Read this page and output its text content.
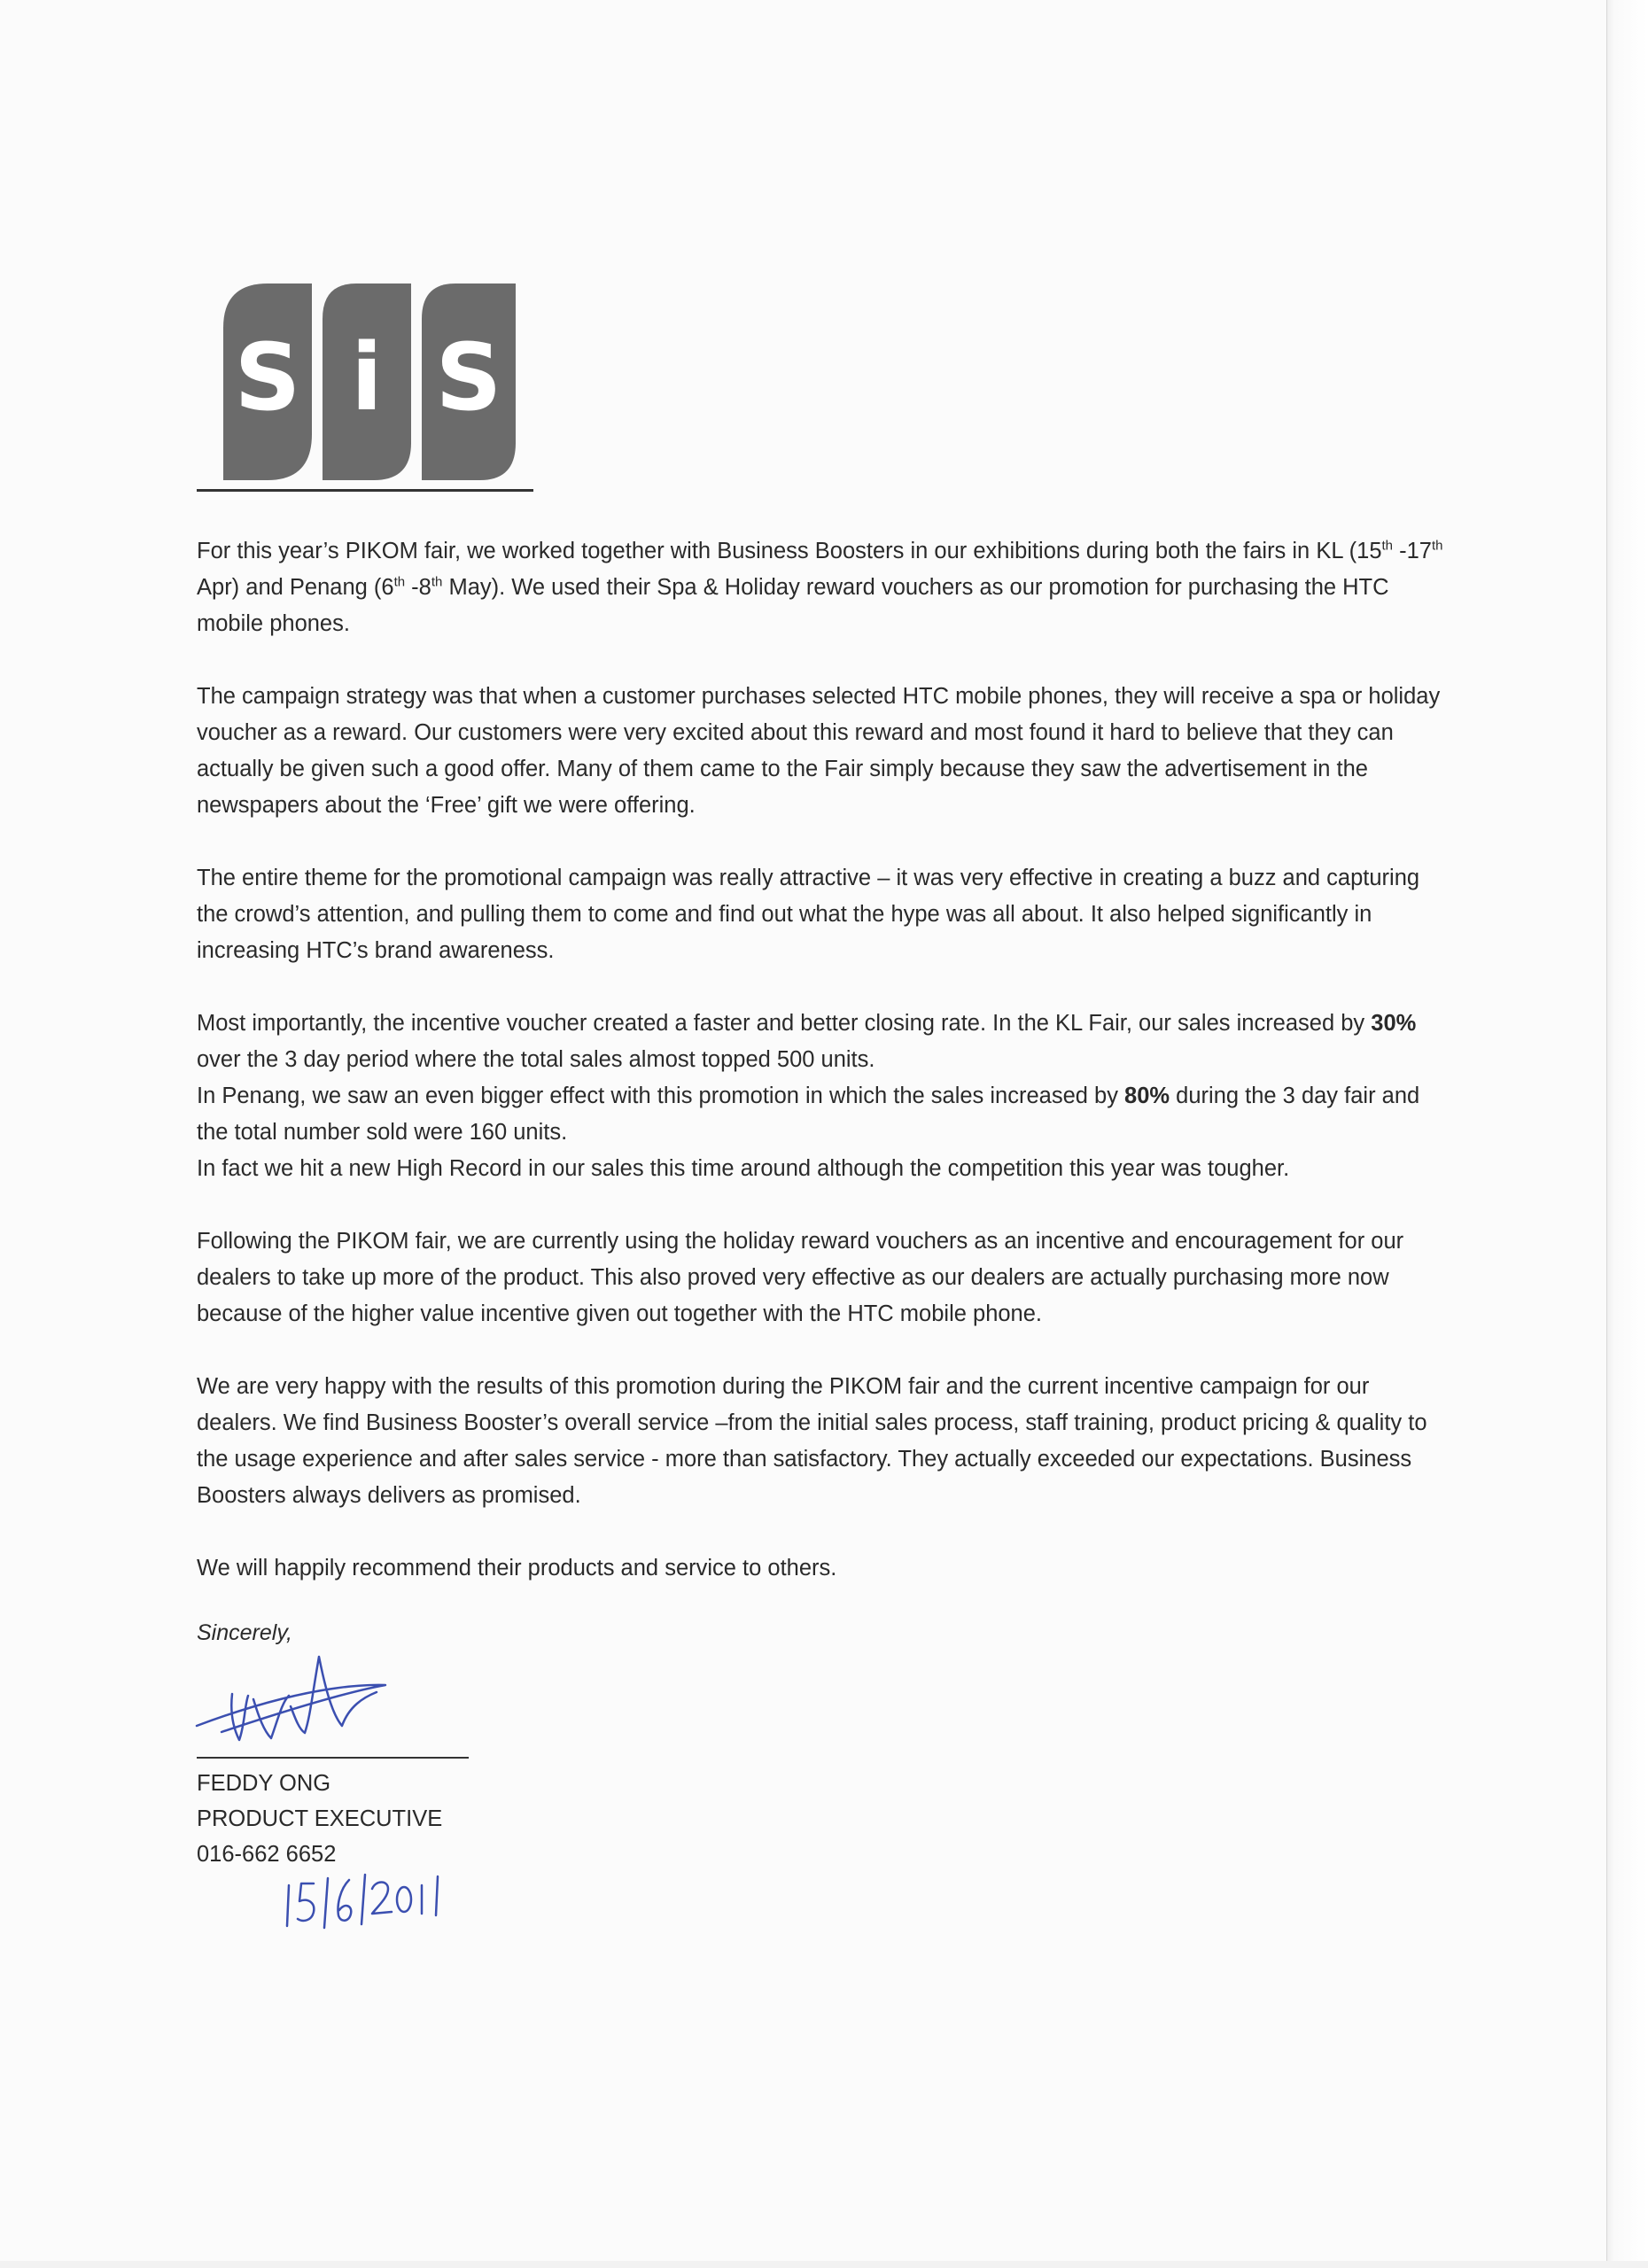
S i S

For this year’s PIKOM fair, we worked together with Business Boosters in our exhibitions during both the fairs in KL (15th -17th Apr) and Penang (6th -8th May). We used their Spa & Holiday reward vouchers as our promotion for purchasing the HTC mobile phones.

The campaign strategy was that when a customer purchases selected HTC mobile phones, they will receive a spa or holiday voucher as a reward. Our customers were very excited about this reward and most found it hard to believe that they can actually be given such a good offer. Many of them came to the Fair simply because they saw the advertisement in the newspapers about the ‘Free’ gift we were offering.

The entire theme for the promotional campaign was really attractive – it was very effective in creating a buzz and capturing the crowd’s attention, and pulling them to come and find out what the hype was all about. It also helped significantly in increasing HTC’s brand awareness.

Most importantly, the incentive voucher created a faster and better closing rate. In the KL Fair, our sales increased by 30% over the 3 day period where the total sales almost topped 500 units.

In Penang, we saw an even bigger effect with this promotion in which the sales increased by 80% during the 3 day fair and the total number sold were 160 units.

In fact we hit a new High Record in our sales this time around although the competition this year was tougher.

Following the PIKOM fair, we are currently using the holiday reward vouchers as an incentive and encouragement for our dealers to take up more of the product. This also proved very effective as our dealers are actually purchasing more now because of the higher value incentive given out together with the HTC mobile phone.

We are very happy with the results of this promotion during the PIKOM fair and the current incentive campaign for our dealers. We find Business Booster’s overall service –from the initial sales process, staff training, product pricing & quality to the usage experience and after sales service - more than satisfactory. They actually exceeded our expectations. Business Boosters always delivers as promised.

We will happily recommend their products and service to others.

Sincerely,
FEDDY ONG
PRODUCT EXECUTIVE
016-662 6652
